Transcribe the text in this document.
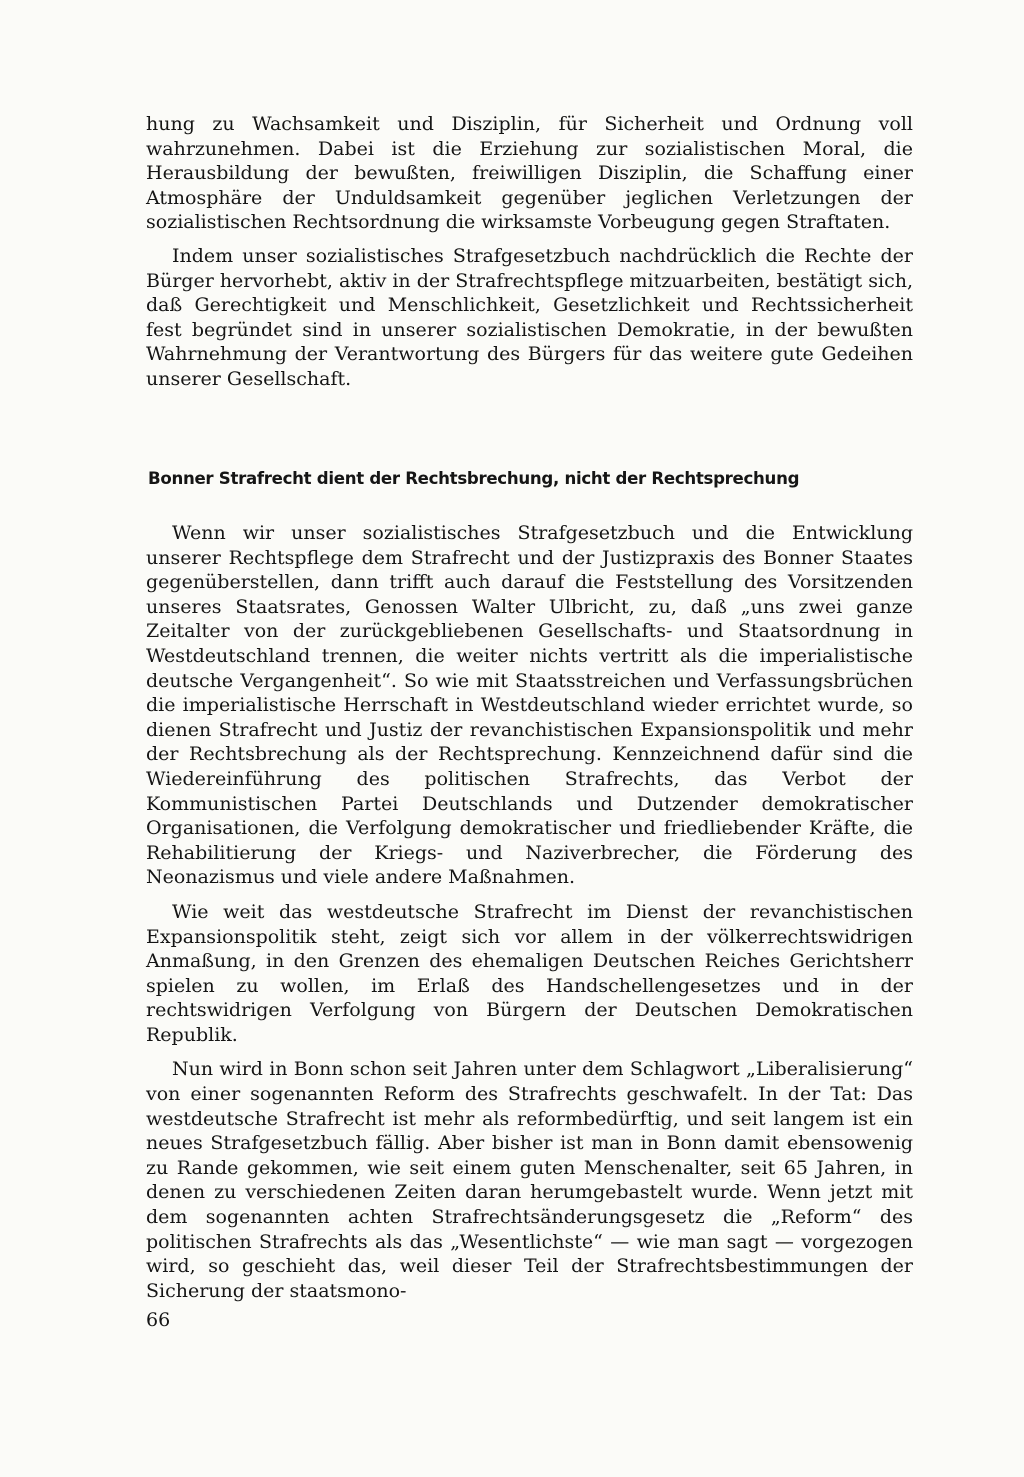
hung zu Wachsamkeit und Disziplin, für Sicherheit und Ordnung voll wahrzunehmen. Dabei ist die Erziehung zur sozialistischen Moral, die Herausbildung der bewußten, freiwilligen Disziplin, die Schaffung einer Atmosphäre der Unduldsamkeit gegenüber jeglichen Verletzungen der sozialistischen Rechtsordnung die wirksamste Vorbeugung gegen Straftaten.

Indem unser sozialistisches Strafgesetzbuch nachdrücklich die Rechte der Bürger hervorhebt, aktiv in der Strafrechtspflege mitzuarbeiten, bestätigt sich, daß Gerechtigkeit und Menschlichkeit, Gesetzlichkeit und Rechtssicherheit fest begründet sind in unserer sozialistischen Demokratie, in der bewußten Wahrnehmung der Verantwortung des Bürgers für das weitere gute Gedeihen unserer Gesellschaft.

Bonner Strafrecht dient der Rechtsbrechung, nicht der Rechtsprechung

Wenn wir unser sozialistisches Strafgesetzbuch und die Entwicklung unserer Rechtspflege dem Strafrecht und der Justizpraxis des Bonner Staates gegenüberstellen, dann trifft auch darauf die Feststellung des Vorsitzenden unseres Staatsrates, Genossen Walter Ulbricht, zu, daß „uns zwei ganze Zeitalter von der zurückgebliebenen Gesellschafts- und Staatsordnung in Westdeutschland trennen, die weiter nichts vertritt als die imperialistische deutsche Vergangenheit“. So wie mit Staatsstreichen und Verfassungsbrüchen die imperialistische Herrschaft in Westdeutschland wieder errichtet wurde, so dienen Strafrecht und Justiz der revanchistischen Expansionspolitik und mehr der Rechtsbrechung als der Rechtsprechung. Kennzeichnend dafür sind die Wiedereinführung des politischen Strafrechts, das Verbot der Kommunistischen Partei Deutschlands und Dutzender demokratischer Organisationen, die Verfolgung demokratischer und friedliebender Kräfte, die Rehabilitierung der Kriegs- und Naziverbrecher, die Förderung des Neonazismus und viele andere Maßnahmen.

Wie weit das westdeutsche Strafrecht im Dienst der revanchistischen Expansionspolitik steht, zeigt sich vor allem in der völkerrechtswidrigen Anmaßung, in den Grenzen des ehemaligen Deutschen Reiches Gerichtsherr spielen zu wollen, im Erlaß des Handschellengesetzes und in der rechtswidrigen Verfolgung von Bürgern der Deutschen Demokratischen Republik.

Nun wird in Bonn schon seit Jahren unter dem Schlagwort „Liberalisierung“ von einer sogenannten Reform des Strafrechts geschwafelt. In der Tat: Das westdeutsche Strafrecht ist mehr als reformbedürftig, und seit langem ist ein neues Strafgesetzbuch fällig. Aber bisher ist man in Bonn damit ebensowenig zu Rande gekommen, wie seit einem guten Menschenalter, seit 65 Jahren, in denen zu verschiedenen Zeiten daran herumgebastelt wurde. Wenn jetzt mit dem sogenannten achten Strafrechtsänderungsgesetz die „Reform“ des politischen Strafrechts als das „Wesentlichste“ — wie man sagt — vorgezogen wird, so geschieht das, weil dieser Teil der Strafrechtsbestimmungen der Sicherung der staatsmono-

66
